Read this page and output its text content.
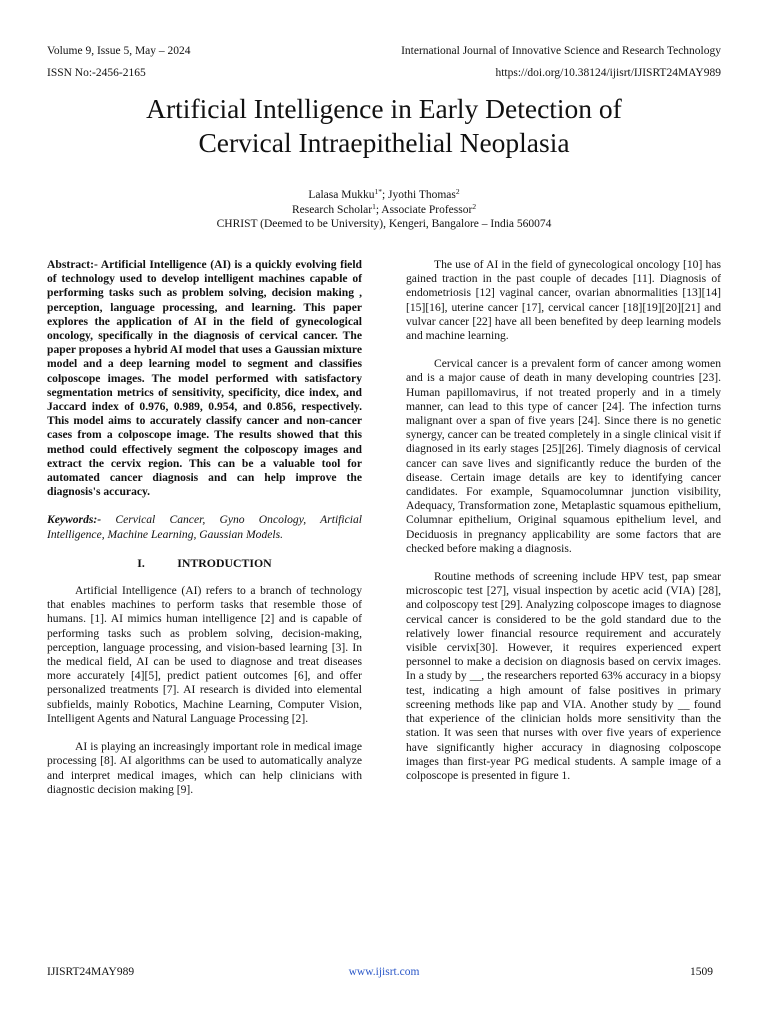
Volume 9, Issue 5, May – 2024
ISSN No:-2456-2165
International Journal of Innovative Science and Research Technology
https://doi.org/10.38124/ijisrt/IJISRT24MAY989
Artificial Intelligence in Early Detection of
Cervical Intraepithelial Neoplasia
Lalasa Mukku$^{1*}$; Jyothi Thomas$^2$
Research Scholar$^1$; Associate Professor$^2$
CHRIST (Deemed to be University), Kengeri, Bangalore – India 560074

Abstract:- Artificial Intelligence (AI) is a quickly evolving field of technology used to develop intelligent machines capable of performing tasks such as problem solving, decision making , perception, language processing, and learning. This paper explores the application of AI in the field of gynecological oncology, specifically in the diagnosis of cervical cancer. The paper proposes a hybrid AI model that uses a Gaussian mixture model and a deep learning model to segment and classifies colposcope images. The model performed with satisfactory segmentation metrics of sensitivity, specificity, dice index, and Jaccard index of 0.976, 0.989, 0.954, and 0.856, respectively. This model aims to accurately classify cancer and non-cancer cases from a colposcope image. The results showed that this method could effectively segment the colposcopy images and extract the cervix region. This can be a valuable tool for automated cancer diagnosis and can help improve the diagnosis's accuracy.

Keywords:- Cervical Cancer, Gyno Oncology, Artificial Intelligence, Machine Learning, Gaussian Models.

I.	INTRODUCTION

Artificial Intelligence (AI) refers to a branch of technology that enables machines to perform tasks that resemble those of humans. [1]. AI mimics human intelligence [2] and is capable of performing tasks such as problem solving, decision-making, perception, language processing, and vision-based learning [3]. In the medical field, AI can be used to diagnose and treat diseases more accurately [4][5], predict patient outcomes [6], and offer personalized treatments [7]. AI research is divided into elemental subfields, mainly Robotics, Machine Learning, Computer Vision, Intelligent Agents and Natural Language Processing [2].

AI is playing an increasingly important role in medical image processing [8]. AI algorithms can be used to automatically analyze and interpret medical images, which can help clinicians with diagnostic decision making [9].

The use of AI in the field of gynecological oncology [10] has gained traction in the past couple of decades [11]. Diagnosis of endometriosis [12] vaginal cancer, ovarian abnormalities [13][14][15][16], uterine cancer [17], cervical cancer [18][19][20][21] and vulvar cancer [22] have all been benefited by deep learning models and machine learning.

Cervical cancer is a prevalent form of cancer among women and is a major cause of death in many developing countries [23]. Human papillomavirus, if not treated properly and in a timely manner, can lead to this type of cancer [24]. The infection turns malignant over a span of five years [24]. Since there is no genetic synergy, cancer can be treated completely in a single clinical visit if diagnosed in its early stages [25][26]. Timely diagnosis of cervical cancer can save lives and significantly reduce the burden of the disease. Certain image details are key to identifying cancer candidates. For example, Squamocolumnar junction visibility, Adequacy, Transformation zone, Metaplastic squamous epithelium, Columnar epithelium, Original squamous epithelium level, and Deciduosis in pregnancy applicability are some factors that are checked before making a diagnosis.

Routine methods of screening include HPV test, pap smear microscopic test [27], visual inspection by acetic acid (VIA) [28], and colposcopy test [29]. Analyzing colposcope images to diagnose cervical cancer is considered to be the gold standard due to the relatively lower financial resource requirement and accurately visible cervix[30]. However, it requires experienced expert personnel to make a decision on diagnosis based on cervix images. In a study by __, the researchers reported 63% accuracy in a biopsy test, indicating a high amount of false positives in primary screening methods like pap and VIA. Another study by __ found that experience of the clinician holds more sensitivity than the station. It was seen that nurses with over five years of experience have significantly higher accuracy in diagnosing colposcope images than first-year PG medical students. A sample image of a colposcope is presented in figure 1.

IJISRT24MAY989	www.ijisrt.com	1509
